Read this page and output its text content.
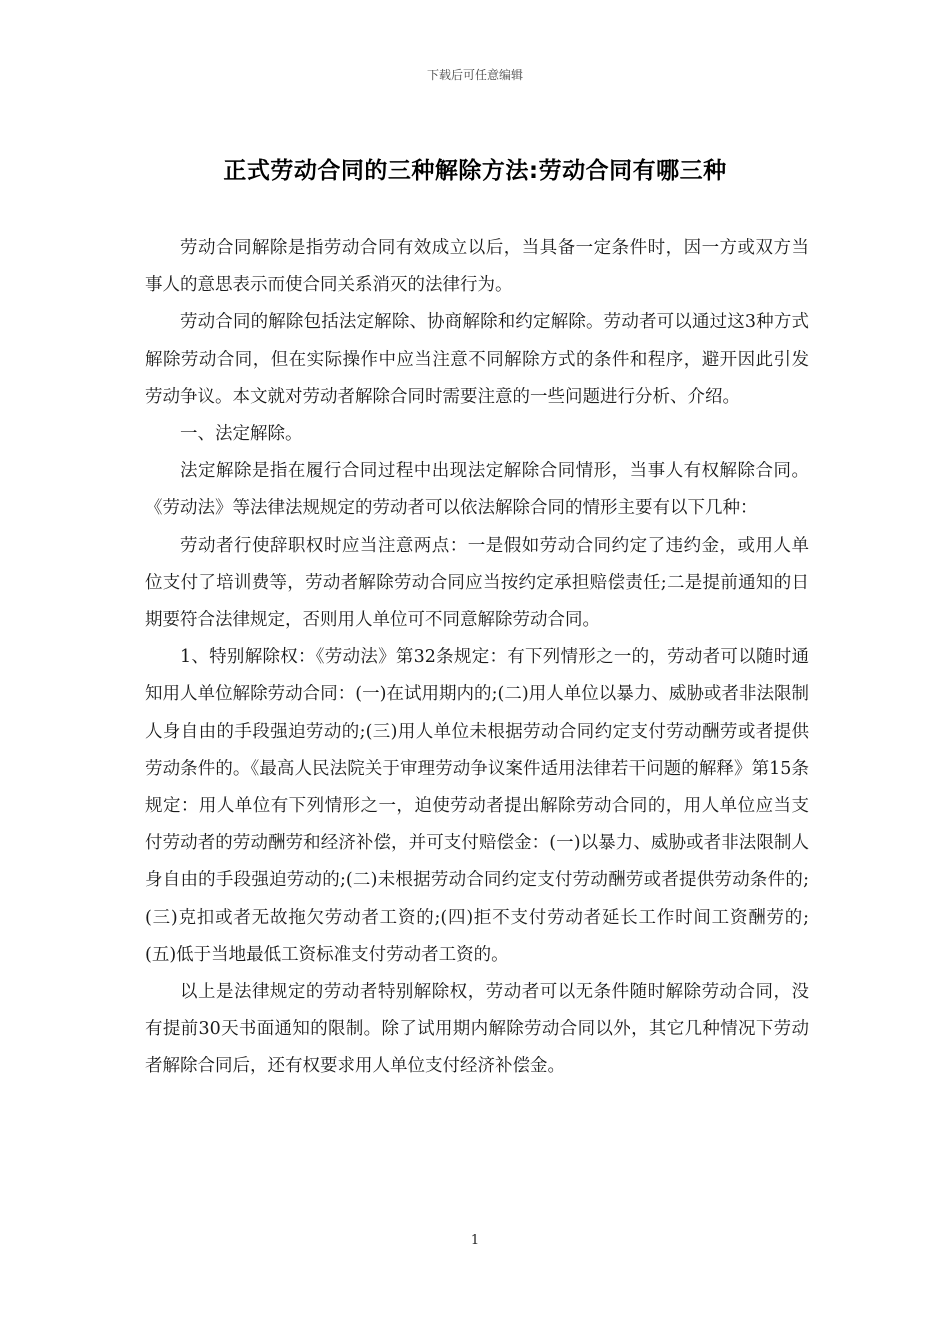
下载后可任意编辑
正式劳动合同的三种解除方法:劳动合同有哪三种

劳动合同解除是指劳动合同有效成立以后，当具备一定条件时，因一方或双方当事人的意思表示而使合同关系消灭的法律行为。

劳动合同的解除包括法定解除、协商解除和约定解除。劳动者可以通过这3种方式解除劳动合同，但在实际操作中应当注意不同解除方式的条件和程序，避开因此引发劳动争议。本文就对劳动者解除合同时需要注意的一些问题进行分析、介绍。

一、法定解除。

法定解除是指在履行合同过程中出现法定解除合同情形，当事人有权解除合同。《劳动法》等法律法规规定的劳动者可以依法解除合同的情形主要有以下几种：

劳动者行使辞职权时应当注意两点：一是假如劳动合同约定了违约金，或用人单位支付了培训费等，劳动者解除劳动合同应当按约定承担赔偿责任;二是提前通知的日期要符合法律规定，否则用人单位可不同意解除劳动合同。

1、特别解除权：《劳动法》第32条规定：有下列情形之一的，劳动者可以随时通知用人单位解除劳动合同：(一)在试用期内的;(二)用人单位以暴力、威胁或者非法限制人身自由的手段强迫劳动的;(三)用人单位未根据劳动合同约定支付劳动酬劳或者提供劳动条件的。《最高人民法院关于审理劳动争议案件适用法律若干问题的解释》第15条规定：用人单位有下列情形之一，迫使劳动者提出解除劳动合同的，用人单位应当支付劳动者的劳动酬劳和经济补偿，并可支付赔偿金：(一)以暴力、威胁或者非法限制人身自由的手段强迫劳动的;(二)未根据劳动合同约定支付劳动酬劳或者提供劳动条件的;(三)克扣或者无故拖欠劳动者工资的;(四)拒不支付劳动者延长工作时间工资酬劳的;(五)低于当地最低工资标准支付劳动者工资的。

以上是法律规定的劳动者特别解除权，劳动者可以无条件随时解除劳动合同，没有提前30天书面通知的限制。除了试用期内解除劳动合同以外，其它几种情况下劳动者解除合同后，还有权要求用人单位支付经济补偿金。

1
